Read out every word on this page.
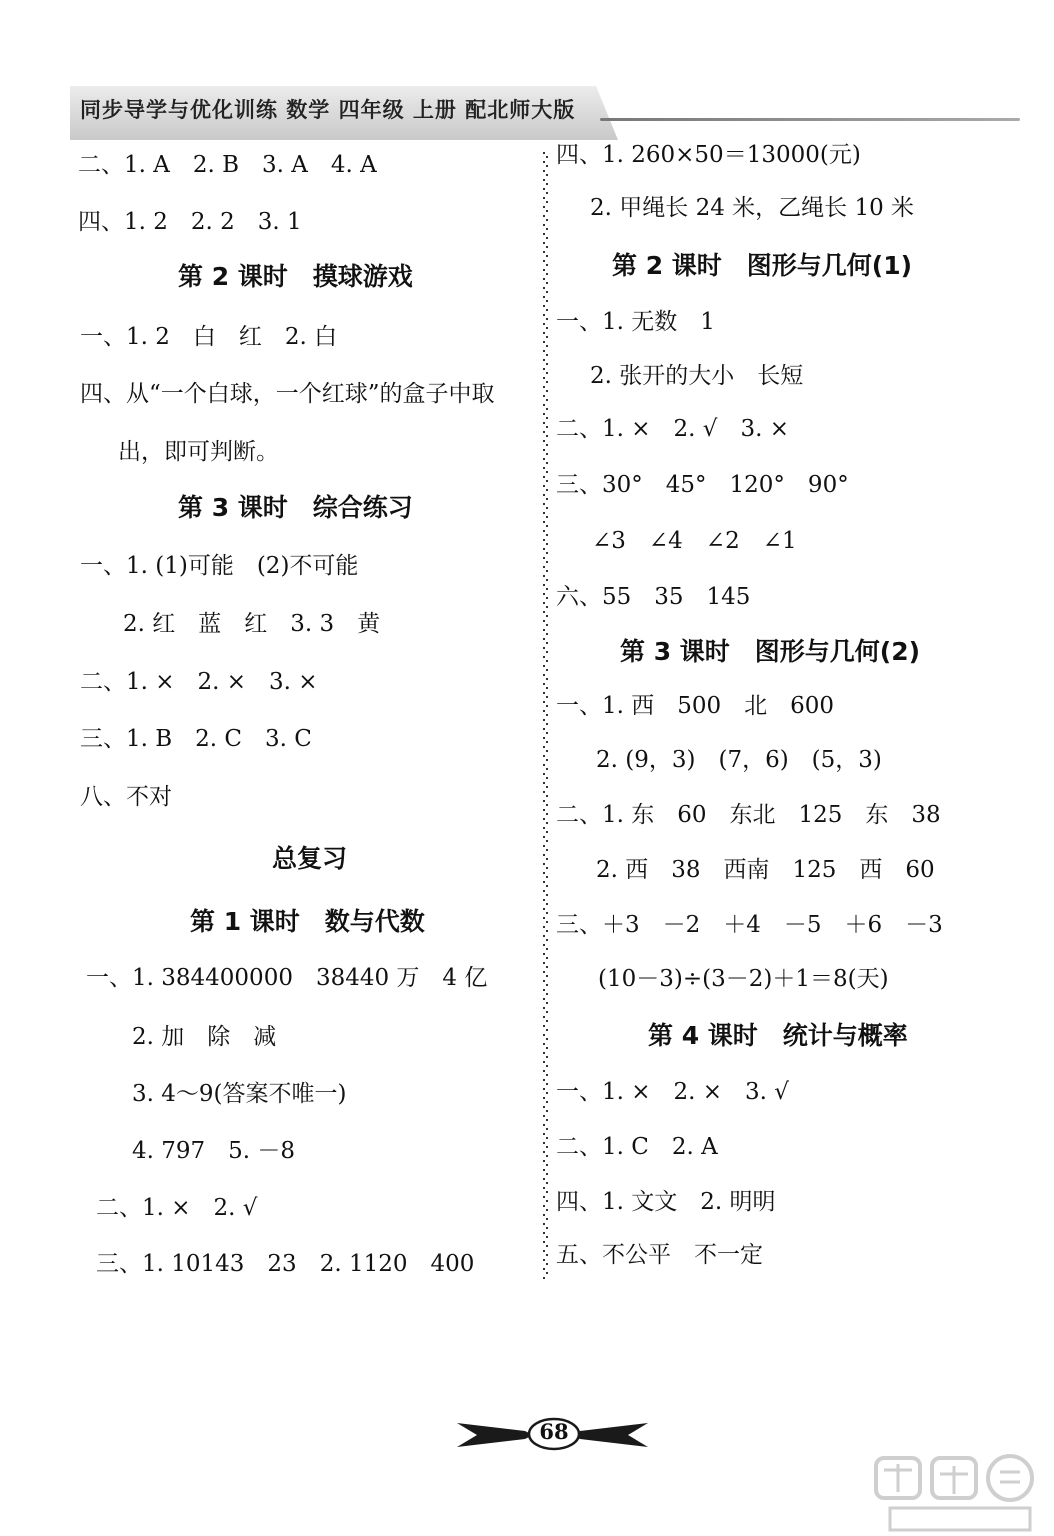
同步导学与优化训练 数学 四年级 上册 配北师大版
二、1. A　2. B　3. A　4. A
四、1. 2　2. 2　3. 1
第 2 课时　摸球游戏
一、1. 2　白　红　2. 白
四、从“一个白球，一个红球”的盒子中取
出，即可判断。
第 3 课时　综合练习
一、1. (1)可能　(2)不可能
2. 红　蓝　红　3. 3　黄
二、1. ×　2. ×　3. ×
三、1. B　2. C　3. C
八、不对
总复习
第 1 课时　数与代数
一、1. 384400000　38440 万　4 亿
2. 加　除　减
3. 4～9(答案不唯一)
4. 797　5. －8
二、1. ×　2. √
三、1. 10143　23　2. 1120　400
四、1. 260×50＝13000(元)
2. 甲绳长 24 米，乙绳长 10 米
第 2 课时　图形与几何(1)
一、1. 无数　1
2. 张开的大小　长短
二、1. ×　2. √　3. ×
三、30°　45°　120°　90°
∠3　∠4　∠2　∠1
六、55　35　145
第 3 课时　图形与几何(2)
一、1. 西　500　北　600
2. (9，3)　(7，6)　(5，3)
二、1. 东　60　东北　125　东　38
2. 西　38　西南　125　西　60
三、＋3　－2　＋4　－5　＋6　－3
(10－3)÷(3－2)＋1＝8(天)
第 4 课时　统计与概率
一、1. ×　2. ×　3. √
二、1. C　2. A
四、1. 文文　2. 明明
五、不公平　不一定
68
